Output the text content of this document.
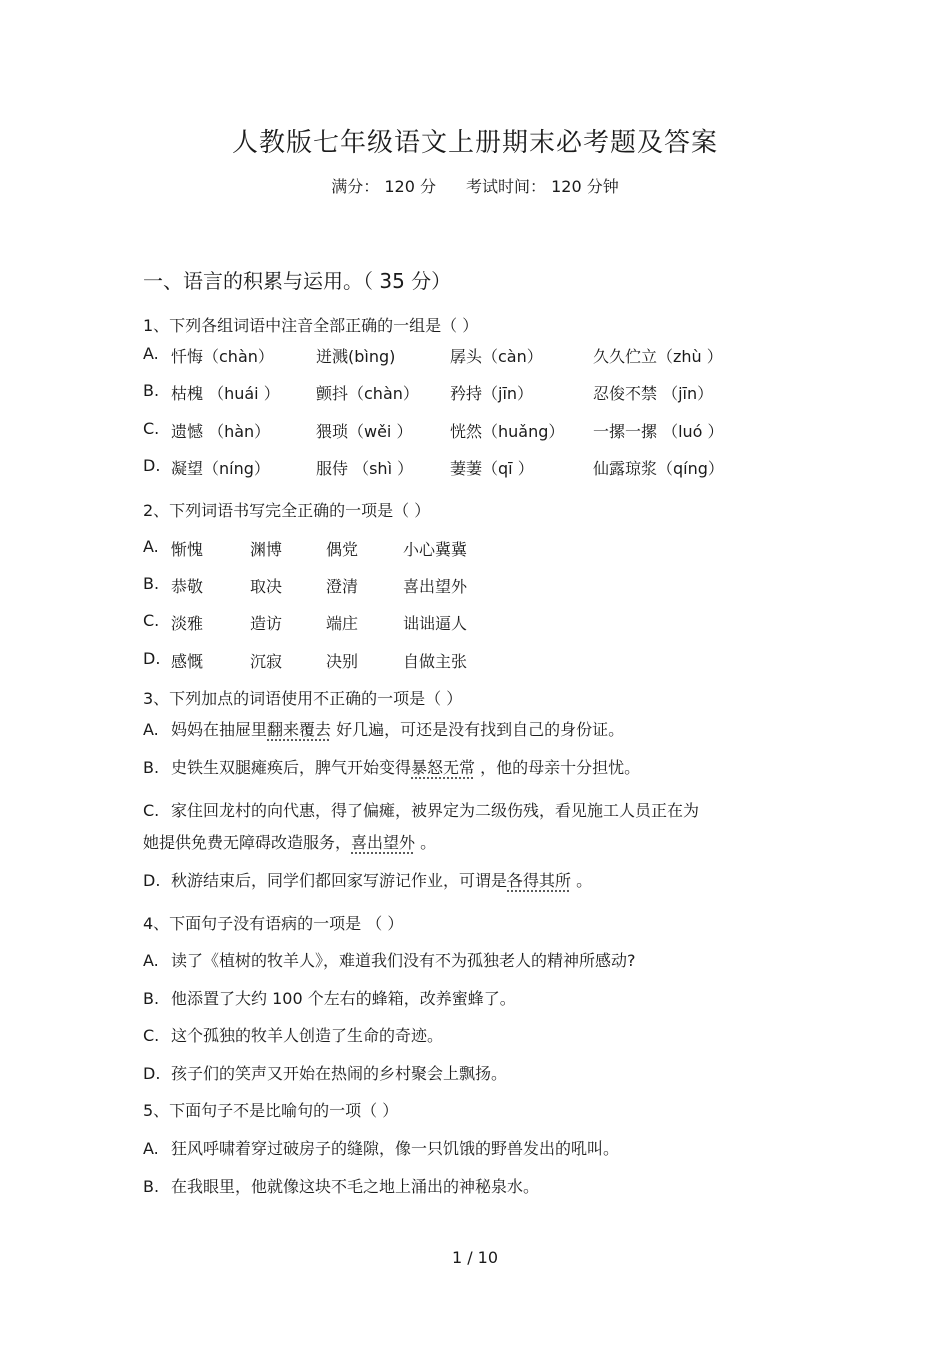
人教版七年级语文上册期末必考题及答案
满分： 120 分 考试时间： 120 分钟
一、语言的积累与运用。（ 35 分）
1、下列各组词语中注音全部正确的一组是（ ）
A. 忏悔（chàn）	迸溅(bìng)	孱头（càn）	久久伫立（zhù ）
B. 枯槐 （huái ） 颤抖（chàn） 矜持（jīn）	忍俊不禁 （jīn）
C. 遗憾 （hàn）	猥琐（wěi ） 恍然（huǎng） 一摞一摞 （luó ）
D. 凝望（níng）	服侍 （shì ） 萋萋（qī ）	仙露琼浆（qíng）
2、下列词语书写完全正确的一项是（ ）
A. 惭愧	渊博	偶党	小心冀冀
B. 恭敬	取决	澄清	喜出望外
C. 淡雅	造访	端庄	诎诎逼人
D. 感慨	沉寂	决别	自做主张
3、下列加点的词语使用不正确的一项是（ ）
A. 妈妈在抽屉里翻来覆去 好几遍，可还是没有找到自己的身份证。
B. 史铁生双腿瘫痪后，脾气开始变得暴怒无常 ，他的母亲十分担忧。
C. 家住回龙村的向代惠，得了偏瘫，被界定为二级伤残，看见施工人员正在为
她提供免费无障碍改造服务，喜出望外 。
D. 秋游结束后，同学们都回家写游记作业，可谓是各得其所 。
4、下面句子没有语病的一项是 （ ）
A. 读了《植树的牧羊人》，难道我们没有不为孤独老人的精神所感动?
B. 他添置了大约 100 个左右的蜂箱，改养蜜蜂了。
C. 这个孤独的牧羊人创造了生命的奇迹。
D. 孩子们的笑声又开始在热闹的乡村聚会上飘扬。
5、下面句子不是比喻句的一项（ ）
A. 狂风呼啸着穿过破房子的缝隙，像一只饥饿的野兽发出的吼叫。
B. 在我眼里，他就像这块不毛之地上涌出的神秘泉水。
1 / 10
